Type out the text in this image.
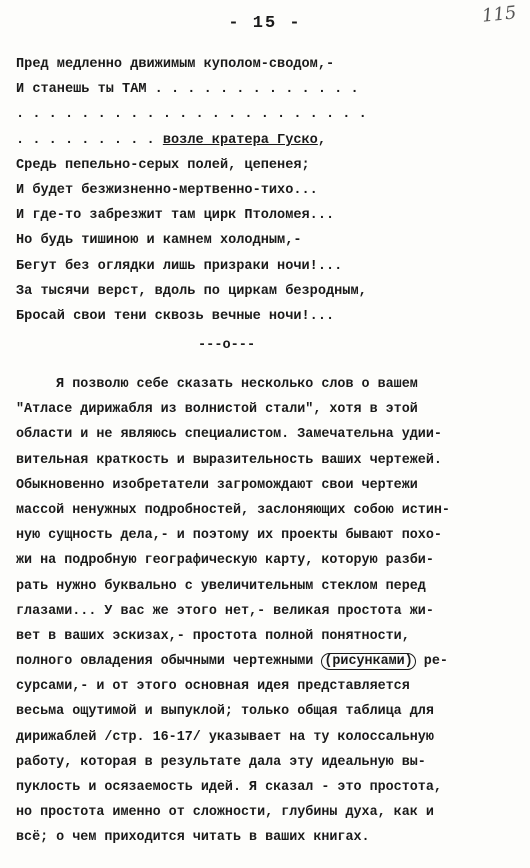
- 15 -	115
Пред медленно движимым куполом-сводом,-
И станешь ты ТАМ . . . . . . . . . . . . .
. . . . . . . . . . . . . . . . . . . . . .
. . . . . . . . . возле кратера Гуско,
Средь пепельно-серых полей, цепенея;
И будет безжизненно-мертвенно-тихо...
И где-то забрезжит там цирк Птоломея...
Но будь тишиною и камнем холодным,-
Бегут без оглядки лишь призраки ночи!...
За тысячи верст, вдоль по циркам безродным,
Бросай свои тени сквозь вечные ночи!...
---o---
Я позволю себе сказать несколько слов о вашем
"Атласе дирижабля из волнистой стали", хотя в этой
области и не являюсь специалистом. Замечательна удии-
вительная краткость и выразительность ваших чертежей.
Обыкновенно изобретатели загромождают свои чертежи
массой ненужных подробностей, заслоняющих собою истин-
ную сущность дела,- и поэтому их проекты бывают похо-
жи на подробную географическую карту, которую разби-
рать нужно буквально с увеличительным стеклом перед
глазами... У вас же этого нет,- великая простота жи-
вет в ваших эскизах,- простота полной понятности,
полного овладения обычными чертежными (рисунками) ре-
сурсами,- и от этого основная идея представляется
весьма ощутимой и выпуклой; только общая таблица для
дирижаблей /стр. 16-17/ указывает на ту колоссальную
работу, которая в результате дала эту идеальную вы-
пуклость и осязаемость идей. Я сказал - это простота,
но простота именно от сложности, глубины духа, как и
всё; о чем приходится читать в ваших книгах.
